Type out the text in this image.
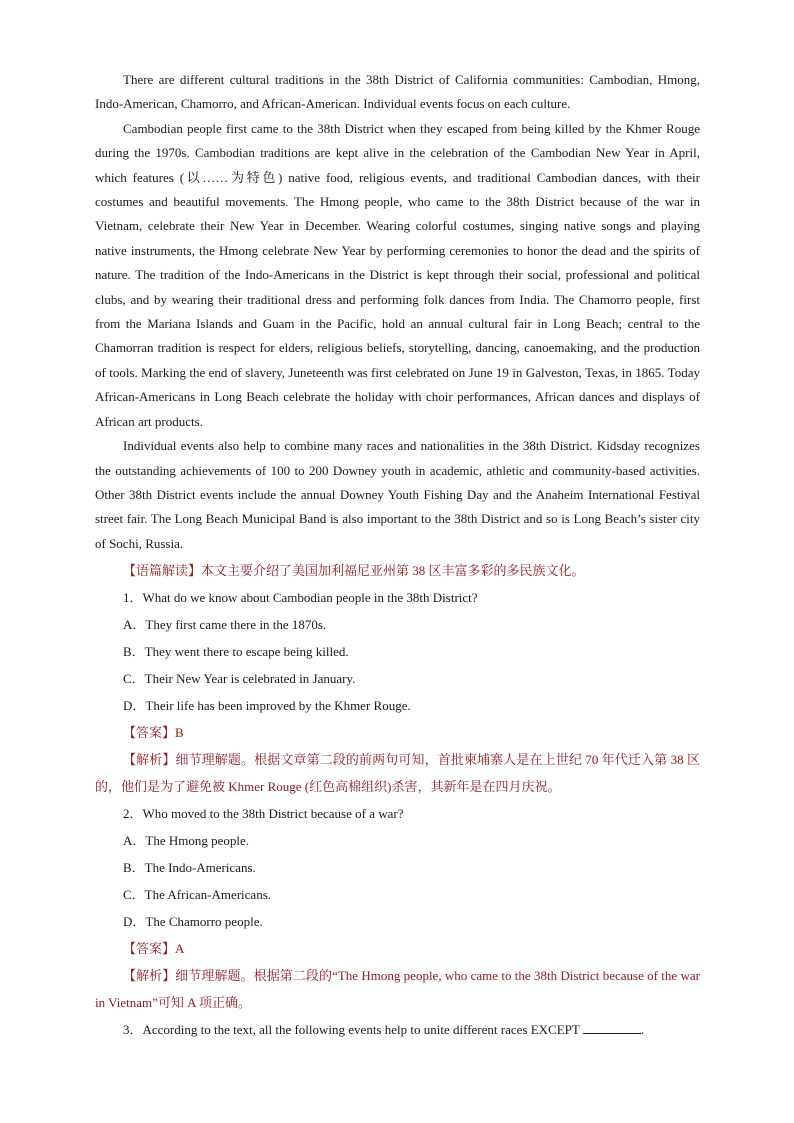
There are different cultural traditions in the 38th District of California communities: Cambodian, Hmong, Indo-American, Chamorro, and African-American. Individual events focus on each culture.

Cambodian people first came to the 38th District when they escaped from being killed by the Khmer Rouge during the 1970s. Cambodian traditions are kept alive in the celebration of the Cambodian New Year in April, which features (以……为特色) native food, religious events, and traditional Cambodian dances, with their costumes and beautiful movements. The Hmong people, who came to the 38th District because of the war in Vietnam, celebrate their New Year in December. Wearing colorful costumes, singing native songs and playing native instruments, the Hmong celebrate New Year by performing ceremonies to honor the dead and the spirits of nature. The tradition of the Indo-Americans in the District is kept through their social, professional and political clubs, and by wearing their traditional dress and performing folk dances from India. The Chamorro people, first from the Mariana Islands and Guam in the Pacific, hold an annual cultural fair in Long Beach; central to the Chamorran tradition is respect for elders, religious beliefs, storytelling, dancing, canoemaking, and the production of tools. Marking the end of slavery, Juneteenth was first celebrated on June 19 in Galveston, Texas, in 1865. Today African-Americans in Long Beach celebrate the holiday with choir performances, African dances and displays of African art products.

Individual events also help to combine many races and nationalities in the 38th District. Kidsday recognizes the outstanding achievements of 100 to 200 Downey youth in academic, athletic and community-based activities. Other 38th District events include the annual Downey Youth Fishing Day and the Anaheim International Festival street fair. The Long Beach Municipal Band is also important to the 38th District and so is Long Beach’s sister city of Sochi, Russia.

【语篇解读】本文主要介绍了美国加利福尼亚州第 38 区丰富多彩的多民族文化。

1．What do we know about Cambodian people in the 38th District?

A．They first came there in the 1870s.

B．They went there to escape being killed.

C．Their New Year is celebrated in January.

D．Their life has been improved by the Khmer Rouge.

【答案】B

【解析】细节理解题。根据文章第二段的前两句可知，首批柬埔寨人是在上世纪 70 年代迁入第 38 区的，他们是为了避免被 Khmer Rouge (红色高棉组织)杀害，其新年是在四月庆祝。

2．Who moved to the 38th District because of a war?

A．The Hmong people.

B．The Indo-Americans.

C．The African-Americans.

D．The Chamorro people.

【答案】A

【解析】细节理解题。根据第二段的“The Hmong people, who came to the 38th District because of the war in Vietnam”可知 A 项正确。

3．According to the text, all the following events help to unite different races EXCEPT	.
